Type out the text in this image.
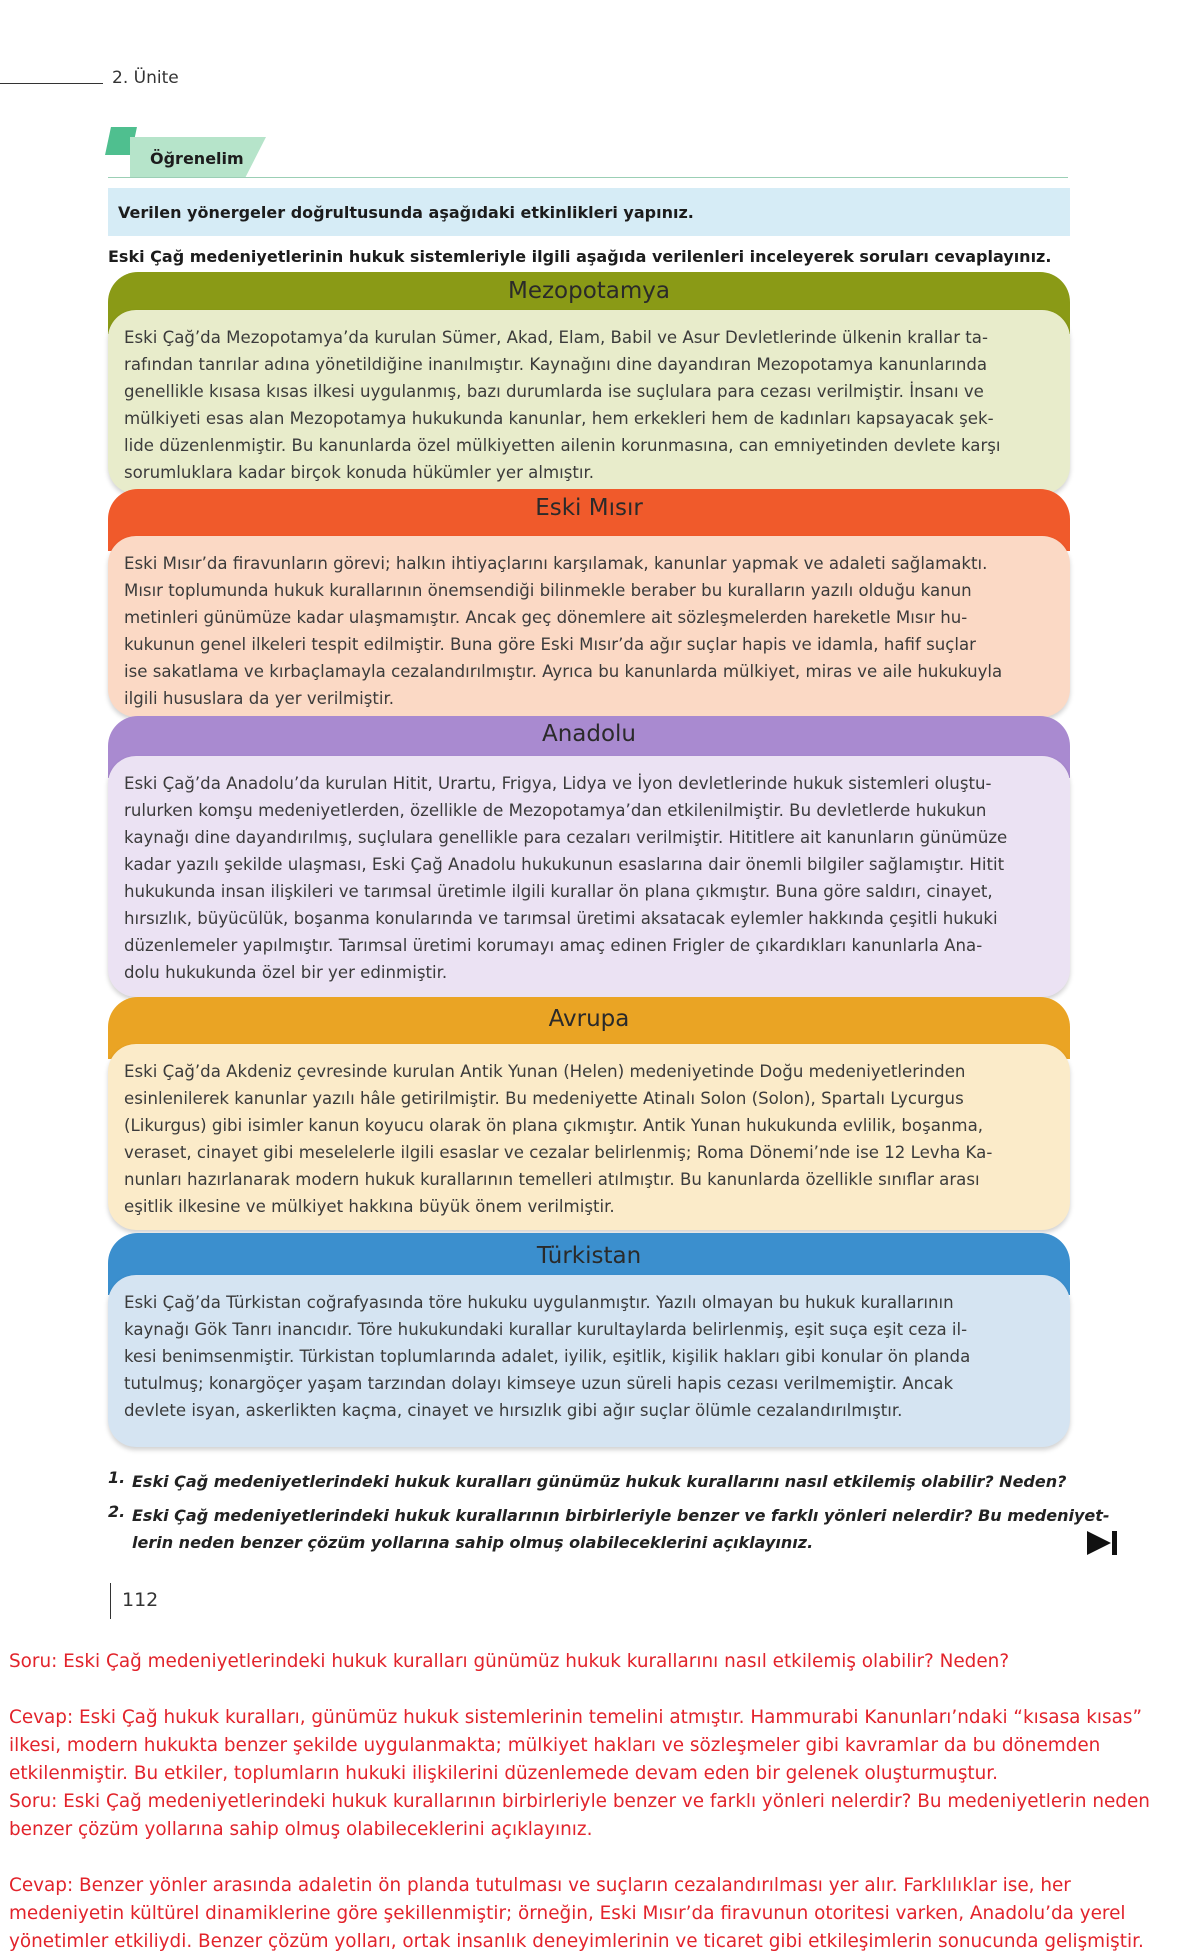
2. Ünite
Öğrenelim
Verilen yönergeler doğrultusunda aşağıdaki etkinlikleri yapınız.
Eski Çağ medeniyetlerinin hukuk sistemleriyle ilgili aşağıda verilenleri inceleyerek soruları cevaplayınız.
Mezopotamya
Eski Çağ’da Mezopotamya’da kurulan Sümer, Akad, Elam, Babil ve Asur Devletlerinde ülkenin krallar ta-
rafından tanrılar adına yönetildiğine inanılmıştır. Kaynağını dine dayandıran Mezopotamya kanunlarında
genellikle kısasa kısas ilkesi uygulanmış, bazı durumlarda ise suçlulara para cezası verilmiştir. İnsanı ve
mülkiyeti esas alan Mezopotamya hukukunda kanunlar, hem erkekleri hem de kadınları kapsayacak şek-
lide düzenlenmiştir. Bu kanunlarda özel mülkiyetten ailenin korunmasına, can emniyetinden devlete karşı
sorumluklara kadar birçok konuda hükümler yer almıştır.
Eski Mısır
Eski Mısır’da firavunların görevi; halkın ihtiyaçlarını karşılamak, kanunlar yapmak ve adaleti sağlamaktı.
Mısır toplumunda hukuk kurallarının önemsendiği bilinmekle beraber bu kuralların yazılı olduğu kanun
metinleri günümüze kadar ulaşmamıştır. Ancak geç dönemlere ait sözleşmelerden hareketle Mısır hu-
kukunun genel ilkeleri tespit edilmiştir. Buna göre Eski Mısır’da ağır suçlar hapis ve idamla, hafif suçlar
ise sakatlama ve kırbaçlamayla cezalandırılmıştır. Ayrıca bu kanunlarda mülkiyet, miras ve aile hukukuyla
ilgili hususlara da yer verilmiştir.
Anadolu
Eski Çağ’da Anadolu’da kurulan Hitit, Urartu, Frigya, Lidya ve İyon devletlerinde hukuk sistemleri oluştu-
rulurken komşu medeniyetlerden, özellikle de Mezopotamya’dan etkilenilmiştir. Bu devletlerde hukukun
kaynağı dine dayandırılmış, suçlulara genellikle para cezaları verilmiştir. Hititlere ait kanunların günümüze
kadar yazılı şekilde ulaşması, Eski Çağ Anadolu hukukunun esaslarına dair önemli bilgiler sağlamıştır. Hitit
hukukunda insan ilişkileri ve tarımsal üretimle ilgili kurallar ön plana çıkmıştır. Buna göre saldırı, cinayet,
hırsızlık, büyücülük, boşanma konularında ve tarımsal üretimi aksatacak eylemler hakkında çeşitli hukuki
düzenlemeler yapılmıştır. Tarımsal üretimi korumayı amaç edinen Frigler de çıkardıkları kanunlarla Ana-
dolu hukukunda özel bir yer edinmiştir.
Avrupa
Eski Çağ’da Akdeniz çevresinde kurulan Antik Yunan (Helen) medeniyetinde Doğu medeniyetlerinden
esinlenilerek kanunlar yazılı hâle getirilmiştir. Bu medeniyette Atinalı Solon (Solon), Spartalı Lycurgus
(Likurgus) gibi isimler kanun koyucu olarak ön plana çıkmıştır. Antik Yunan hukukunda evlilik, boşanma,
veraset, cinayet gibi meselelerle ilgili esaslar ve cezalar belirlenmiş; Roma Dönemi’nde ise 12 Levha Ka-
nunları hazırlanarak modern hukuk kurallarının temelleri atılmıştır. Bu kanunlarda özellikle sınıflar arası
eşitlik ilkesine ve mülkiyet hakkına büyük önem verilmiştir.
Türkistan
Eski Çağ’da Türkistan coğrafyasında töre hukuku uygulanmıştır. Yazılı olmayan bu hukuk kurallarının
kaynağı Gök Tanrı inancıdır. Töre hukukundaki kurallar kurultaylarda belirlenmiş, eşit suça eşit ceza il-
kesi benimsenmiştir. Türkistan toplumlarında adalet, iyilik, eşitlik, kişilik hakları gibi konular ön planda
tutulmuş; konargöçer yaşam tarzından dolayı kimseye uzun süreli hapis cezası verilmemiştir. Ancak
devlete isyan, askerlikten kaçma, cinayet ve hırsızlık gibi ağır suçlar ölümle cezalandırılmıştır.
1. Eski Çağ medeniyetlerindeki hukuk kuralları günümüz hukuk kurallarını nasıl etkilemiş olabilir? Neden?
2. Eski Çağ medeniyetlerindeki hukuk kurallarının birbirleriyle benzer ve farklı yönleri nelerdir? Bu medeniyet-
lerin neden benzer çözüm yollarına sahip olmuş olabileceklerini açıklayınız.
112

Soru: Eski Çağ medeniyetlerindeki hukuk kuralları günümüz hukuk kurallarını nasıl etkilemiş olabilir? Neden?

Cevap: Eski Çağ hukuk kuralları, günümüz hukuk sistemlerinin temelini atmıştır. Hammurabi Kanunları’ndaki “kısasa kısas”

ilkesi, modern hukukta benzer şekilde uygulanmakta; mülkiyet hakları ve sözleşmeler gibi kavramlar da bu dönemden

etkilenmiştir. Bu etkiler, toplumların hukuki ilişkilerini düzenlemede devam eden bir gelenek oluşturmuştur.

Soru: Eski Çağ medeniyetlerindeki hukuk kurallarının birbirleriyle benzer ve farklı yönleri nelerdir? Bu medeniyetlerin neden

benzer çözüm yollarına sahip olmuş olabileceklerini açıklayınız.

Cevap: Benzer yönler arasında adaletin ön planda tutulması ve suçların cezalandırılması yer alır. Farklılıklar ise, her

medeniyetin kültürel dinamiklerine göre şekillenmiştir; örneğin, Eski Mısır’da firavunun otoritesi varken, Anadolu’da yerel

yönetimler etkiliydi. Benzer çözüm yolları, ortak insanlık deneyimlerinin ve ticaret gibi etkileşimlerin sonucunda gelişmiştir.
